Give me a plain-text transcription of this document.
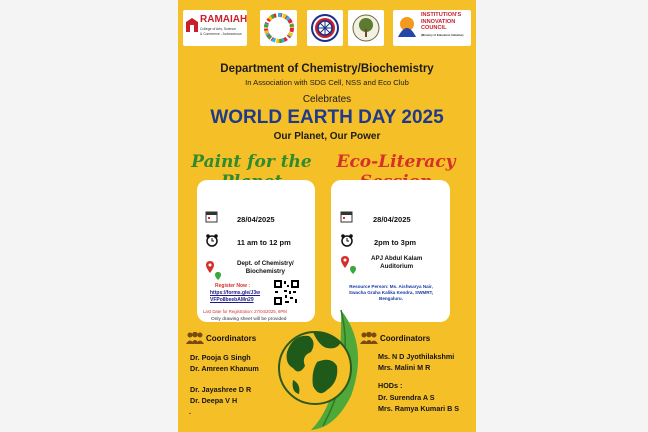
RAMAIAH
College of Arts, Science
& Commerce - Autonomous
INSTITUTION'S
INNOVATION
COUNCIL
(Ministry of Education Initiative)
Department of Chemistry/Biochemistry
In Association with SDG Cell, NSS and Eco Club
Celebrates
WORLD EARTH DAY 2025
Our Planet, Our Power
Paint for the	Eco-Literacy
28/04/2025
11 am to 12 pm
Dept. of Chemistry/
Biochemistry
Register Now :
https://forms.gle/J3w
VFPo8beebAMn29
Last Date for Registration: 27/04/2025, 6PM
Only drawing sheet will be provided
28/04/2025
2pm to 3pm
APJ Abdul Kalam
Auditorium
Resource Person: Ms. Aishwarya Nair,
Swacha Graha Kalika Kendra, SWMRT,
Bengaluru.
Coordinators
Dr. Pooja G Singh
Dr. Amreen Khanum
Dr. Jayashree D R
Dr. Deepa V H
.
Coordinators
Ms. N D Jyothilakshmi
Mrs. Malini M R
HODs :
Dr. Surendra A S
Mrs. Ramya Kumari B S
